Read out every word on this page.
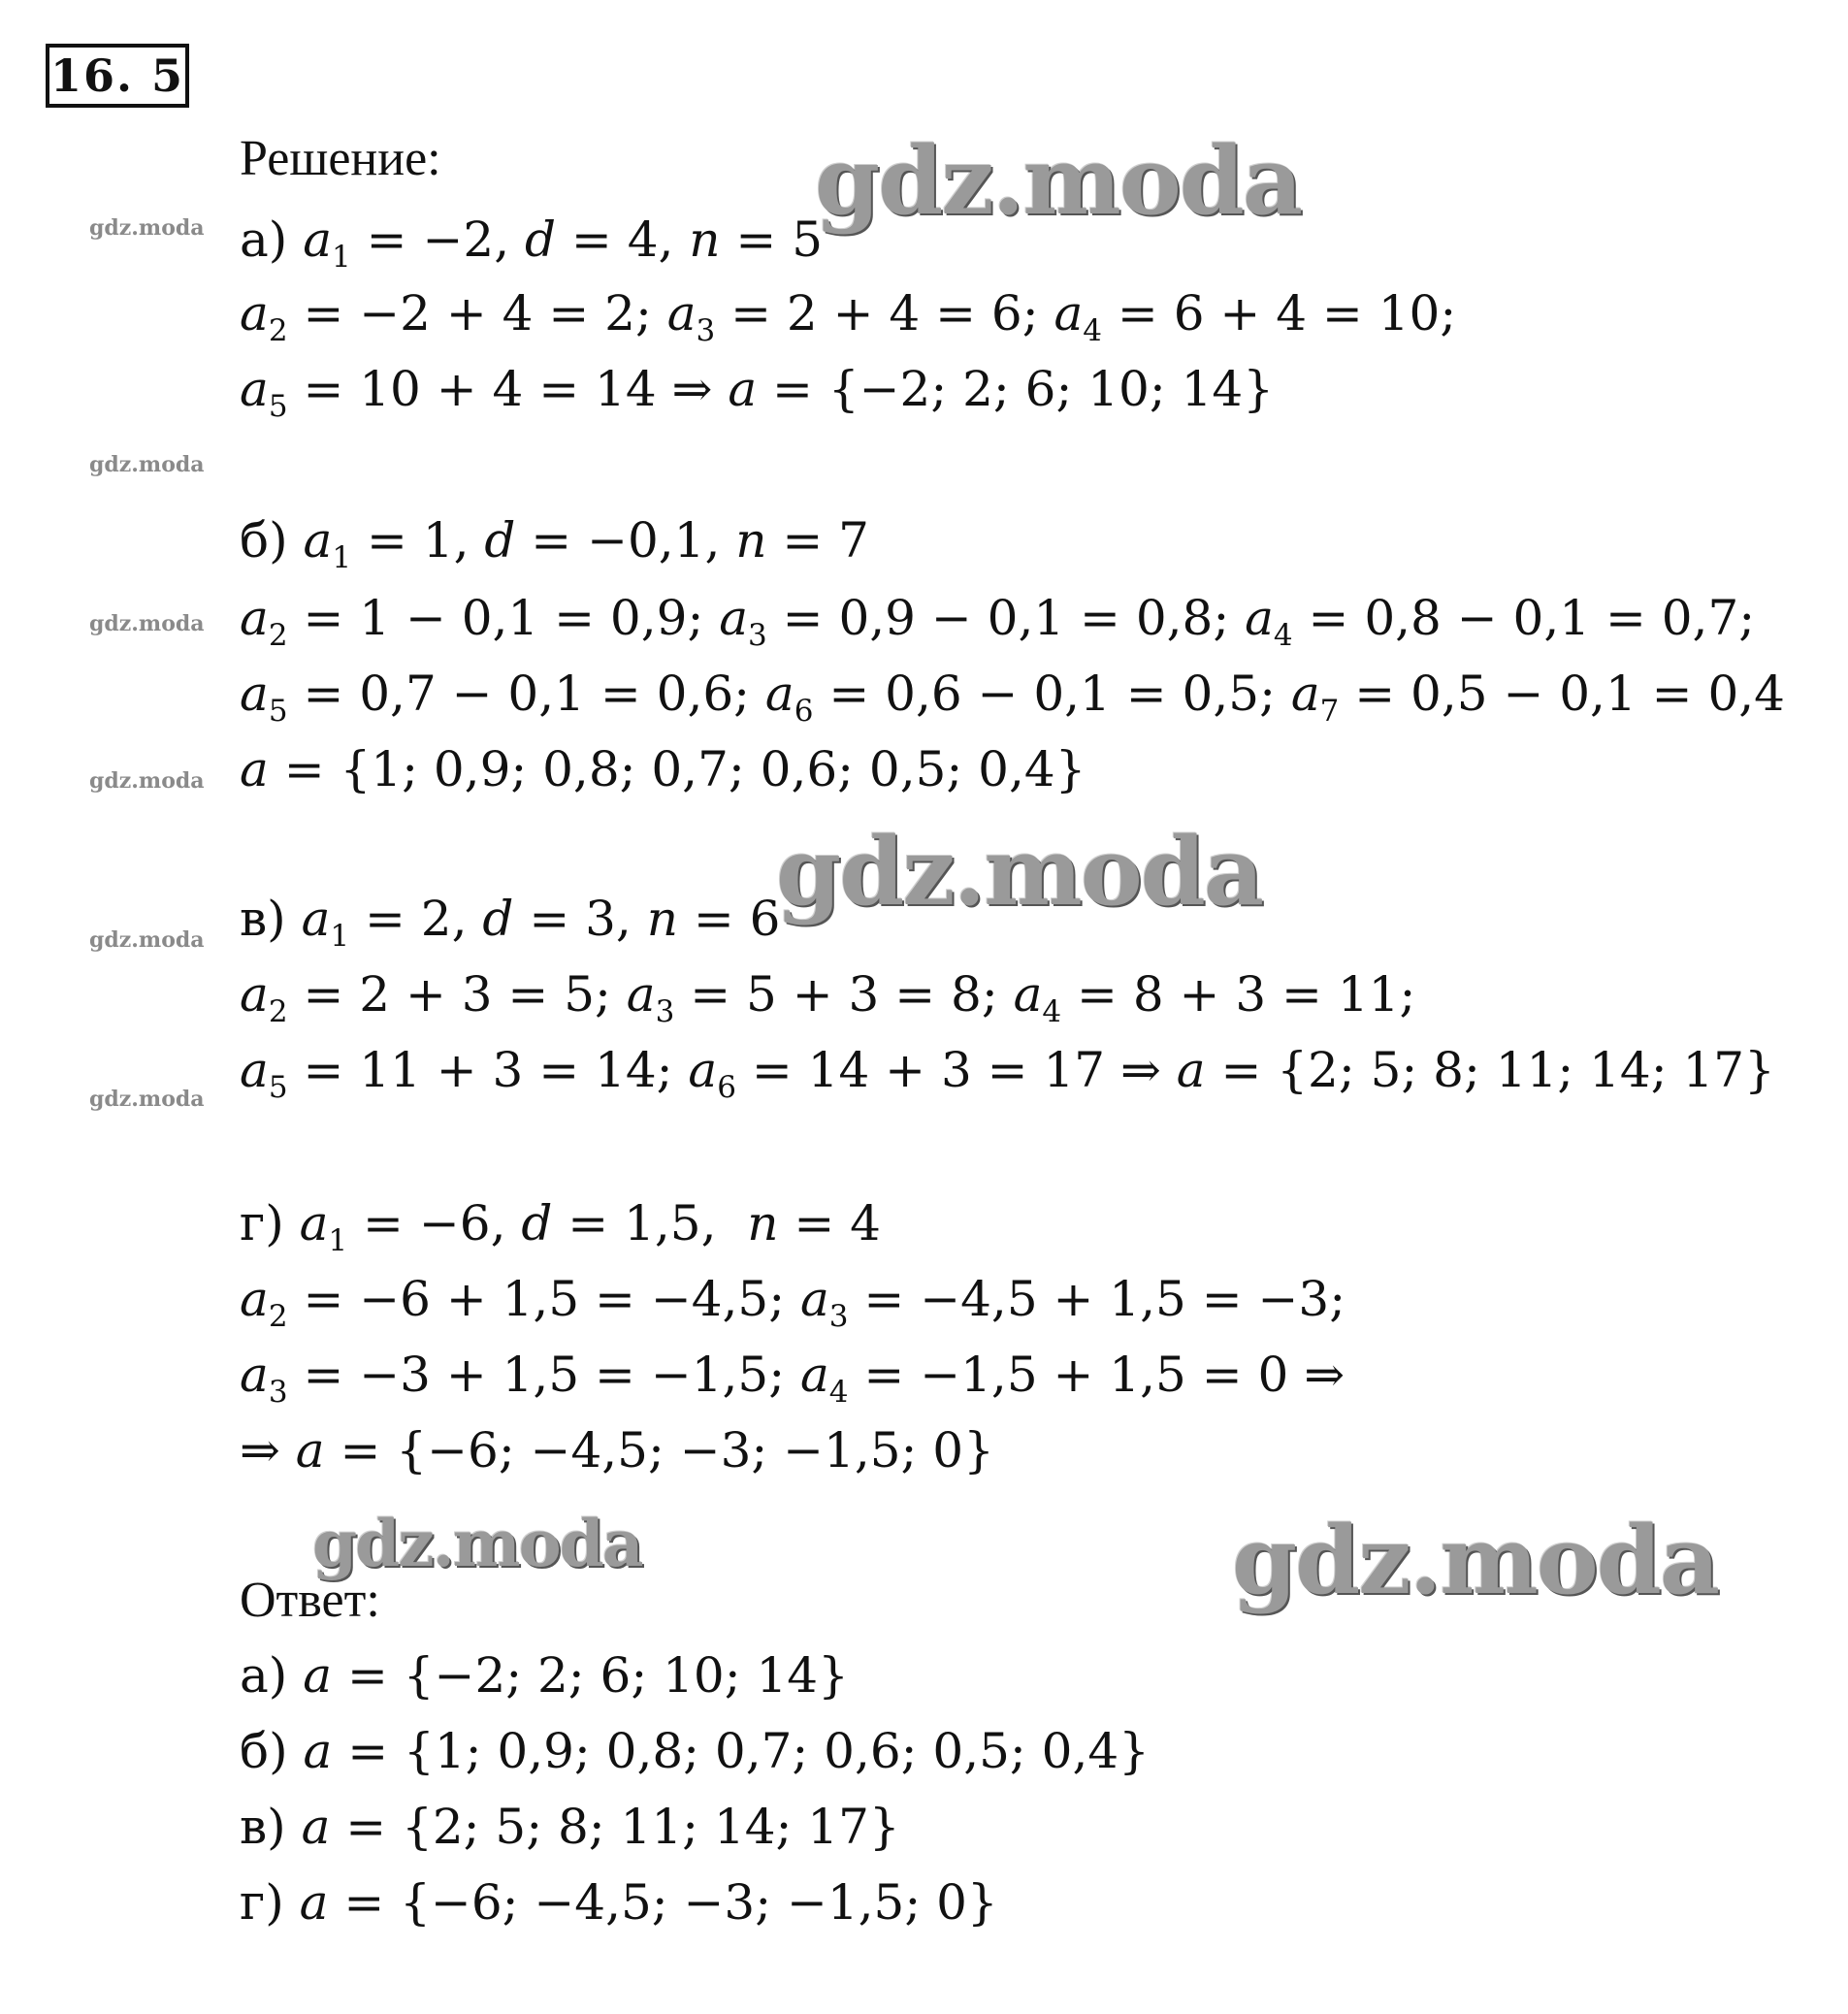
16. 5
Решение:
а) $a_1 = -2$, d = 4, n = 5
$a_2 = -2 + 4 = 2$; $a_3 = 2 + 4 = 6$; $a_4 = 6 + 4 = 10$;
$a_5 = 10 + 4 = 14$ ⇒ a = {−2; 2; 6; 10; 14}
б) $a_1 = 1$, d = −0,1, n = 7
$a_2 = 1 - 0,1 = 0,9$; $a_3 = 0,9 - 0,1 = 0,8$; $a_4 = 0,8 - 0,1 = 0,7$;
$a_5 = 0,7 - 0,1 = 0,6$; $a_6 = 0,6 - 0,1 = 0,5$; $a_7 = 0,5 - 0,1 = 0,4$
a = {1; 0,9; 0,8; 0,7; 0,6; 0,5; 0,4}
в) $a_1 = 2$, d = 3, n = 6
$a_2 = 2 + 3 = 5$; $a_3 = 5 + 3 = 8$; $a_4 = 8 + 3 = 11$;
$a_5 = 11 + 3 = 14$; $a_6 = 14 + 3 = 17$ ⇒ a = {2; 5; 8; 11; 14; 17}
г) $a_1 = -6$, d = 1,5,  n = 4
$a_2 = -6 + 1,5 = -4,5$; $a_3 = -4,5 + 1,5 = -3$;
$a_3 = -3 + 1,5 = -1,5$; $a_4 = -1,5 + 1,5 = 0$ ⇒
⇒ a = {−6; −4,5; −3; −1,5; 0}
Ответ:
а) a = {−2; 2; 6; 10; 14}
б) a = {1; 0,9; 0,8; 0,7; 0,6; 0,5; 0,4}
в) a = {2; 5; 8; 11; 14; 17}
г) a = {−6; −4,5; −3; −1,5; 0}
gdz.moda
gdz.moda
gdz.moda
gdz.moda
gdz.moda
gdz.moda
gdz.moda
gdz.moda
gdz.moda	gdz.moda
